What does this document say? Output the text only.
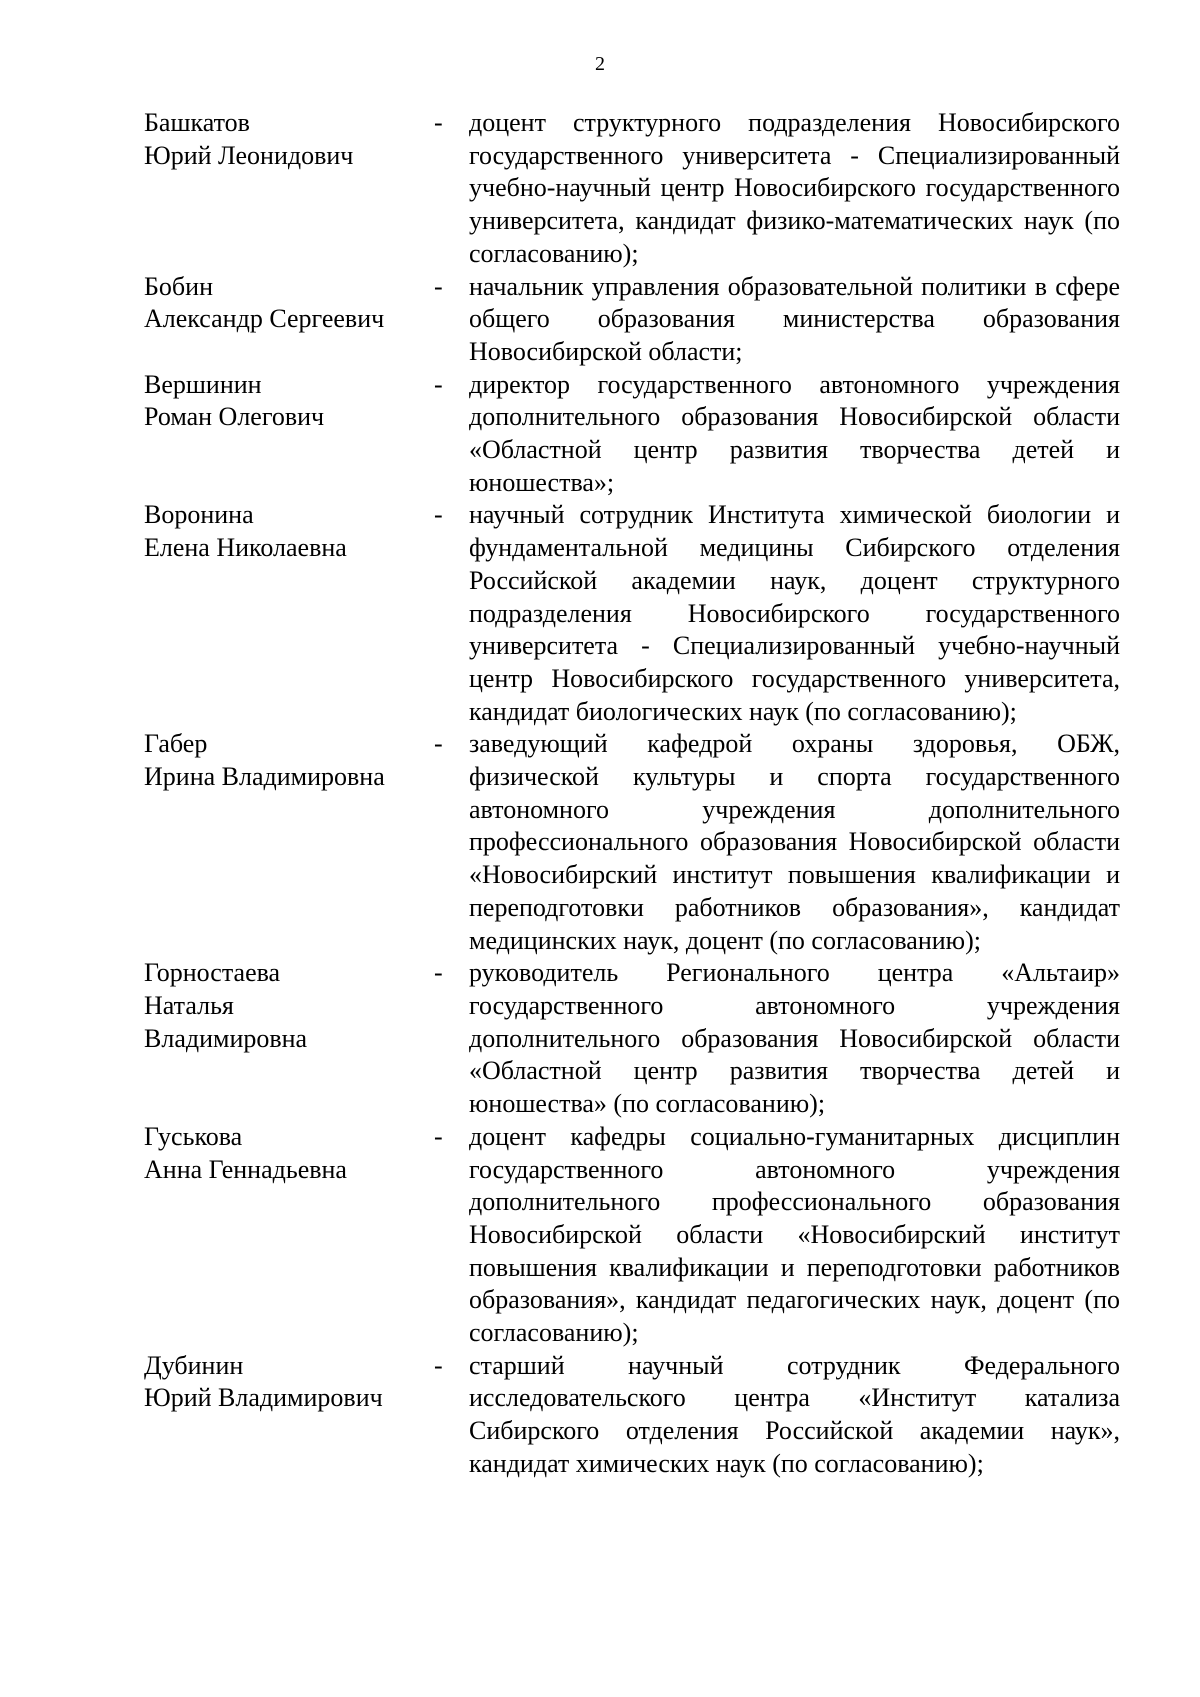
2
Башкатов
Юрий Леонидович
-	доцент структурного подразделения Новосибирского государственного университета - Специализированный учебно-научный центр Новосибирского государственного университета, кандидат физико-математических наук (по согласованию);
Бобин
Александр Сергеевич
-	начальник управления образовательной политики в сфере общего образования министерства образования Новосибирской области;
Вершинин
Роман Олегович
-	директор государственного автономного учреждения дополнительного образования Новосибирской области «Областной центр развития творчества детей и юношества»;
Воронина
Елена Николаевна
-	научный сотрудник Института химической биологии и фундаментальной медицины Сибирского отделения Российской академии наук, доцент структурного подразделения Новосибирского государственного университета - Специализированный учебно-научный центр Новосибирского государственного университета, кандидат биологических наук (по согласованию);
Габер
Ирина Владимировна
-	заведующий кафедрой охраны здоровья, ОБЖ, физической культуры и спорта государственного автономного учреждения дополнительного профессионального образования Новосибирской области «Новосибирский институт повышения квалификации и переподготовки работников образования», кандидат медицинских наук, доцент (по согласованию);
Горностаева
Наталья
Владимировна
-	руководитель Регионального центра «Альтаир» государственного автономного учреждения дополнительного образования Новосибирской области «Областной центр развития творчества детей и юношества» (по согласованию);
Гуськова
Анна Геннадьевна
-	доцент кафедры социально-гуманитарных дисциплин государственного автономного учреждения дополнительного профессионального образования Новосибирской области «Новосибирский институт повышения квалификации и переподготовки работников образования», кандидат педагогических наук, доцент (по согласованию);
Дубинин
Юрий Владимирович
-	старший научный сотрудник Федерального исследовательского центра «Институт катализа Сибирского отделения Российской академии наук», кандидат химических наук (по согласованию);
